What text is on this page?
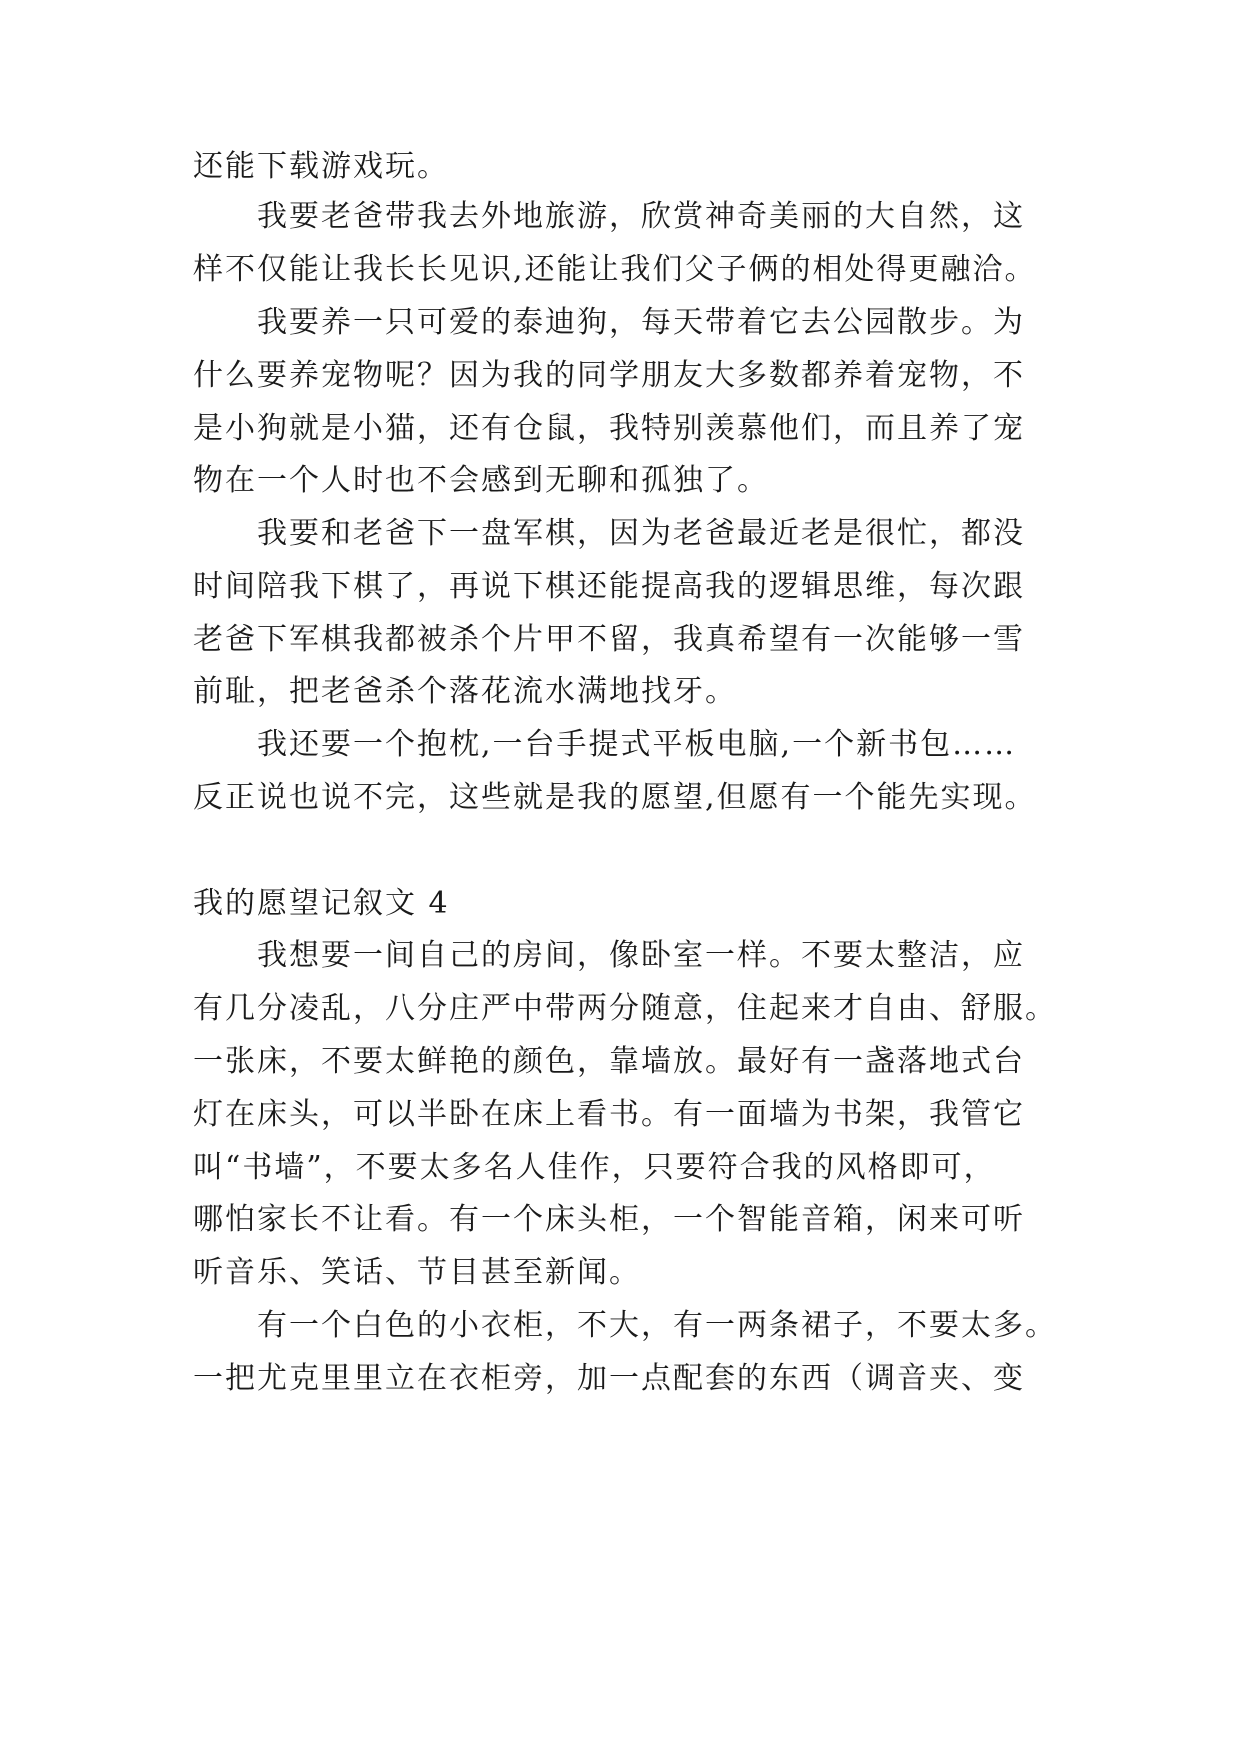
还能下载游戏玩。
我要老爸带我去外地旅游，欣赏神奇美丽的大自然，这
样不仅能让我长长见识,还能让我们父子俩的相处得更融洽。
我要养一只可爱的泰迪狗，每天带着它去公园散步。为
什么要养宠物呢？因为我的同学朋友大多数都养着宠物，不
是小狗就是小猫，还有仓鼠，我特别羡慕他们，而且养了宠
物在一个人时也不会感到无聊和孤独了。
我要和老爸下一盘军棋，因为老爸最近老是很忙，都没
时间陪我下棋了，再说下棋还能提高我的逻辑思维，每次跟
老爸下军棋我都被杀个片甲不留，我真希望有一次能够一雪
前耻，把老爸杀个落花流水满地找牙。
我还要一个抱枕,一台手提式平板电脑,一个新书包……
反正说也说不完，这些就是我的愿望,但愿有一个能先实现。
我的愿望记叙文 4
我想要一间自己的房间，像卧室一样。不要太整洁，应
有几分凌乱，八分庄严中带两分随意，住起来才自由、舒服。
一张床，不要太鲜艳的颜色，靠墙放。最好有一盏落地式台
灯在床头，可以半卧在床上看书。有一面墙为书架，我管它
叫“书墙”，不要太多名人佳作，只要符合我的风格即可，
哪怕家长不让看。有一个床头柜，一个智能音箱，闲来可听
听音乐、笑话、节目甚至新闻。
有一个白色的小衣柜，不大，有一两条裙子，不要太多。
一把尤克里里立在衣柜旁，加一点配套的东西（调音夹、变
